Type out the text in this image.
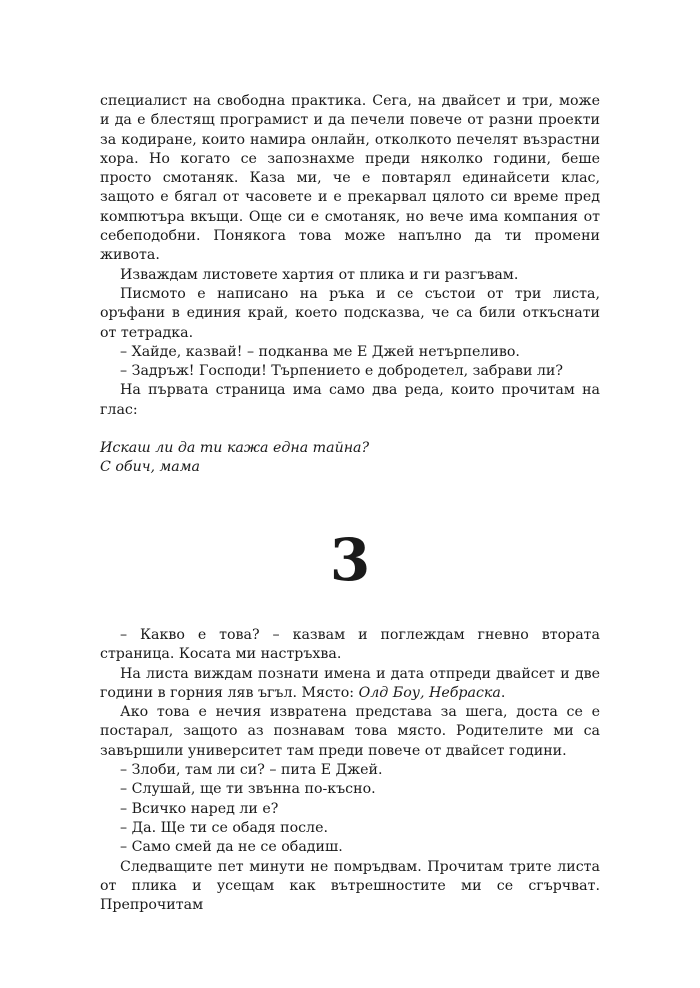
специалист на свободна практика. Сега, на двайсет и три, може и да е блестящ програмист и да печели повече от разни проекти за кодиране, които намира онлайн, отколкото печелят възрастни хора. Но когато се запознахме преди няколко години, беше просто смотаняк. Каза ми, че е повтарял единайсети клас, защото е бягал от часовете и е прекарвал цялото си време пред компютъра вкъщи. Още си е смотаняк, но вече има компания от себеподобни. Понякога това може напълно да ти промени живота.

Изваждам листовете хартия от плика и ги разгъвам.

Писмото е написано на ръка и се състои от три листа, оръфани в единия край, което подсказва, че са били откъснати от тетрадка.

– Хайде, казвай! – подканва ме Е Джей нетърпеливо.

– Задръж! Господи! Търпението е добродетел, забрави ли?

На първата страница има само два реда, които прочитам на глас:

Искаш ли да ти кажа една тайна?

С обич, мама

3

– Какво е това? – казвам и поглеждам гневно втората страница. Косата ми настръхва.

На листа виждам познати имена и дата отпреди двайсет и две години в горния ляв ъгъл. Място: Олд Боу, Небраска.

Ако това е нечия извратена представа за шега, доста се е постарал, защото аз познавам това място. Родителите ми са завършили университет там преди повече от двайсет години.

– Злоби, там ли си? – пита Е Джей.

– Слушай, ще ти звънна по-късно.

– Всичко наред ли е?

– Да. Ще ти се обадя после.

– Само смей да не се обадиш.

Следващите пет минути не помръдвам. Прочитам трите листа от плика и усещам как вътрешностите ми се сгърчват. Препрочитам
